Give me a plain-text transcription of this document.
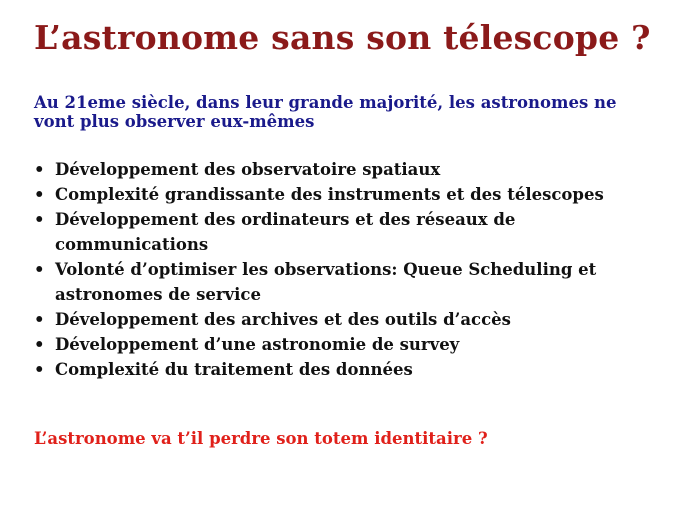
L’astronome sans son télescope ?

Au 21eme siècle, dans leur grande majorité, les astronomes ne vont plus observer eux-mêmes

• Développement des observatoire spatiaux
• Complexité grandissante des instruments et des télescopes
• Développement des ordinateurs et des réseaux de communications
• Volonté d’optimiser les observations: Queue Scheduling et astronomes de service
• Développement des archives et des outils d’accès
• Développement d’une astronomie de survey
• Complexité du traitement des données

L’astronome va t’il perdre son totem identitaire ?
